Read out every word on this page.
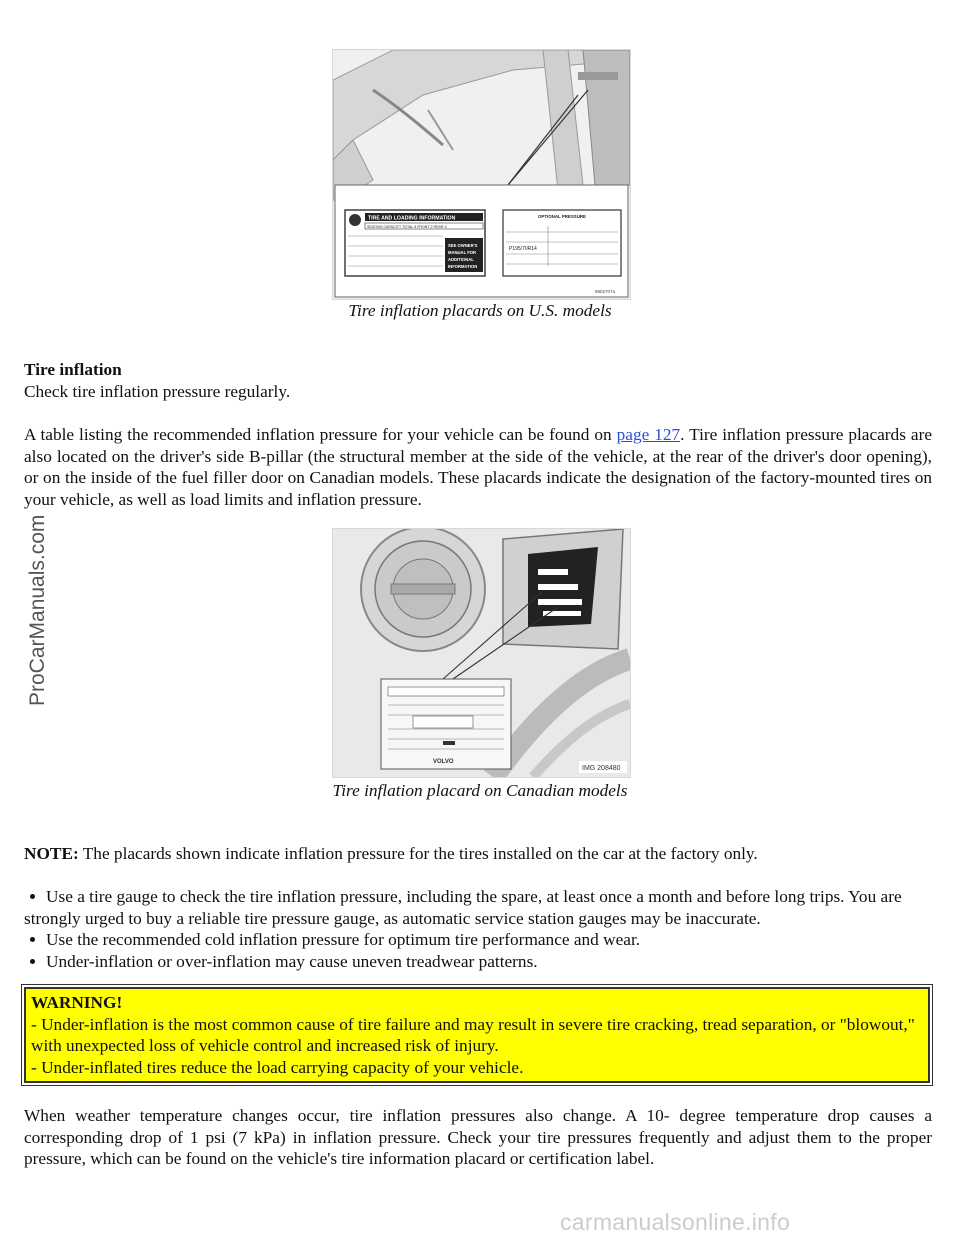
TIRE AND LOADING INFORMATION
SEATING CAPACITY TOTAL 5 FRONT 2 REAR 3
SEE OWNER'S
MANUAL FOR
ADDITIONAL
INFORMATION
OPTIONAL PRESSURE
P195/70R14
8802707a
Tire inflation placards on U.S. models
Tire inflation
Check tire inflation pressure regularly.
A table listing the recommended inflation pressure for your vehicle can be found on page 127. Tire inflation pressure placards are also located on the driver's side B-pillar (the structural member at the side of the vehicle, at the rear of the driver's door opening), or on the inside of the fuel filler door on Canadian models. These placards indicate the designation of the factory-mounted tires on your vehicle, as well as load limits and inflation pressure.
VOLVO
IMG 208480
Tire inflation placard on Canadian models
NOTE: The placards shown indicate inflation pressure for the tires installed on the car at the factory only.
Use a tire gauge to check the tire inflation pressure, including the spare, at least once a month and before long trips. You are strongly urged to buy a reliable tire pressure gauge, as automatic service station gauges may be inaccurate.
Use the recommended cold inflation pressure for optimum tire performance and wear.
Under-inflation or over-inflation may cause uneven treadwear patterns.
WARNING!
- Under-inflation is the most common cause of tire failure and may result in severe tire cracking, tread separation, or "blowout," with unexpected loss of vehicle control and increased risk of injury.
- Under-inflated tires reduce the load carrying capacity of your vehicle.
When weather temperature changes occur, tire inflation pressures also change. A 10- degree temperature drop causes a corresponding drop of 1 psi (7 kPa) in inflation pressure. Check your tire pressures frequently and adjust them to the proper pressure, which can be found on the vehicle's tire information placard or certification label.
ProCarManuals.com
carmanualsonline.info
